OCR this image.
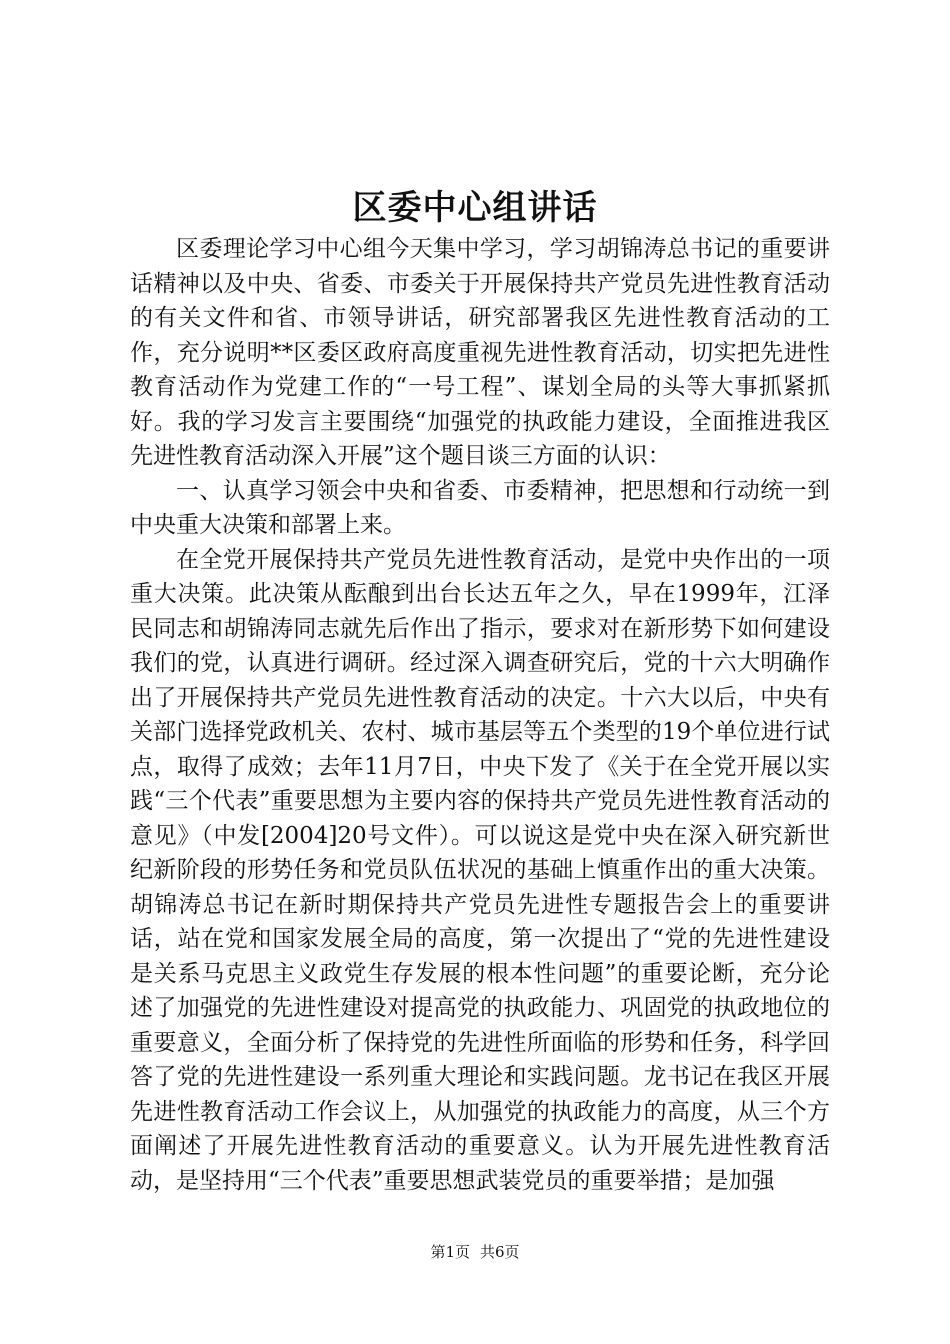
区委中心组讲话

区委理论学习中心组今天集中学习，学习胡锦涛总书记的重要讲话精神以及中央、省委、市委关于开展保持共产党员先进性教育活动的有关文件和省、市领导讲话，研究部署我区先进性教育活动的工作，充分说明**区委区政府高度重视先进性教育活动，切实把先进性教育活动作为党建工作的“一号工程”、谋划全局的头等大事抓紧抓好。我的学习发言主要围绕“加强党的执政能力建设，全面推进我区先进性教育活动深入开展”这个题目谈三方面的认识：

一、认真学习领会中央和省委、市委精神，把思想和行动统一到中央重大决策和部署上来。

在全党开展保持共产党员先进性教育活动，是党中央作出的一项重大决策。此决策从酝酿到出台长达五年之久，早在1999年，江泽民同志和胡锦涛同志就先后作出了指示，要求对在新形势下如何建设我们的党，认真进行调研。经过深入调查研究后，党的十六大明确作出了开展保持共产党员先进性教育活动的决定。十六大以后，中央有关部门选择党政机关、农村、城市基层等五个类型的19个单位进行试点，取得了成效；去年11月7日，中央下发了《关于在全党开展以实践“三个代表”重要思想为主要内容的保持共产党员先进性教育活动的意见》（中发[2004]20号文件）。可以说这是党中央在深入研究新世纪新阶段的形势任务和党员队伍状况的基础上慎重作出的重大决策。胡锦涛总书记在新时期保持共产党员先进性专题报告会上的重要讲话，站在党和国家发展全局的高度，第一次提出了“党的先进性建设是关系马克思主义政党生存发展的根本性问题”的重要论断，充分论述了加强党的先进性建设对提高党的执政能力、巩固党的执政地位的重要意义，全面分析了保持党的先进性所面临的形势和任务，科学回答了党的先进性建设一系列重大理论和实践问题。龙书记在我区开展先进性教育活动工作会议上，从加强党的执政能力的高度，从三个方面阐述了开展先进性教育活动的重要意义。认为开展先进性教育活动，是坚持用“三个代表”重要思想武装党员的重要举措；是加强

第1页 共6页
